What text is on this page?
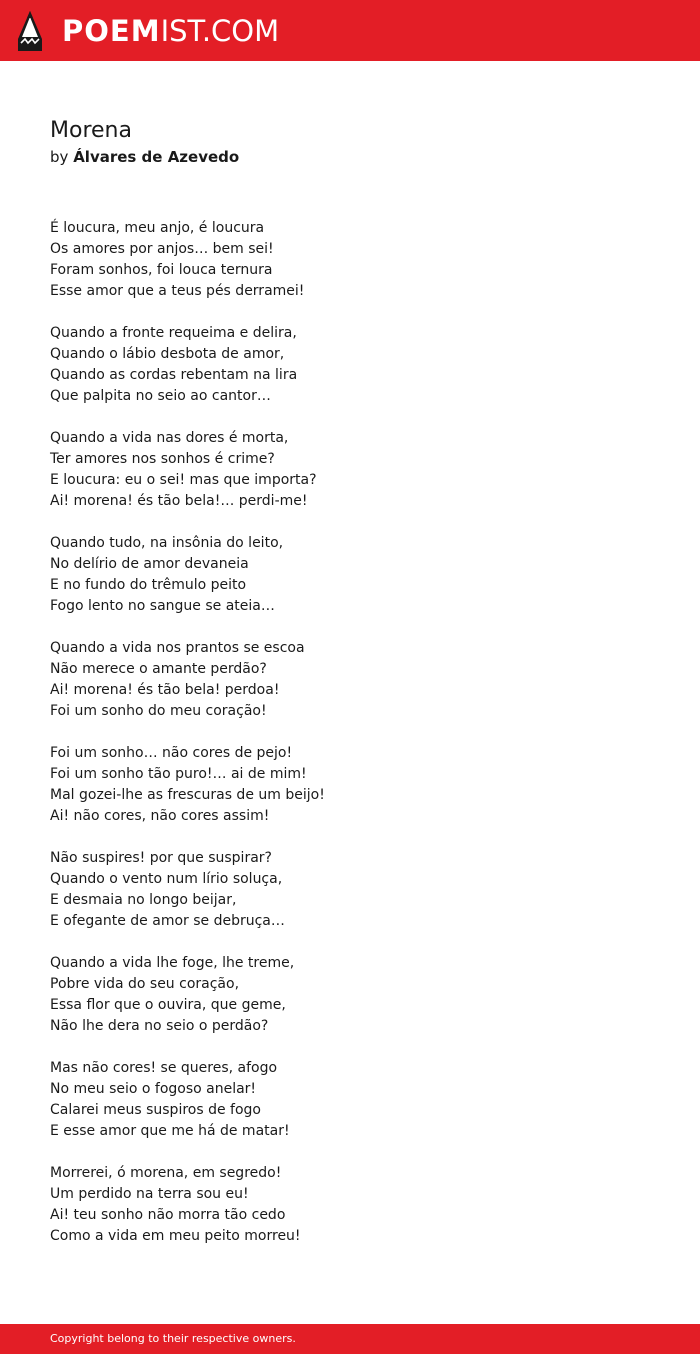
POEMIST.COM
Morena

by Álvares de Azevedo

É loucura, meu anjo, é loucura
Os amores por anjos… bem sei!
Foram sonhos, foi louca ternura
Esse amor que a teus pés derramei!
Quando a fronte requeima e delira,
Quando o lábio desbota de amor,
Quando as cordas rebentam na lira
Que palpita no seio ao cantor…
Quando a vida nas dores é morta,
Ter amores nos sonhos é crime?
E loucura: eu o sei! mas que importa?
Ai! morena! és tão bela!… perdi-me!
Quando tudo, na insônia do leito,
No delírio de amor devaneia
E no fundo do trêmulo peito
Fogo lento no sangue se ateia…
Quando a vida nos prantos se escoa
Não merece o amante perdão?
Ai! morena! és tão bela! perdoa!
Foi um sonho do meu coração!
Foi um sonho… não cores de pejo!
Foi um sonho tão puro!… ai de mim!
Mal gozei-lhe as frescuras de um beijo!
Ai! não cores, não cores assim!
Não suspires! por que suspirar?
Quando o vento num lírio soluça,
E desmaia no longo beijar,
E ofegante de amor se debruça…
Quando a vida lhe foge, lhe treme,
Pobre vida do seu coração,
Essa flor que o ouvira, que geme,
Não lhe dera no seio o perdão?
Mas não cores! se queres, afogo
No meu seio o fogoso anelar!
Calarei meus suspiros de fogo
E esse amor que me há de matar!
Morrerei, ó morena, em segredo!
Um perdido na terra sou eu!
Ai! teu sonho não morra tão cedo
Como a vida em meu peito morreu!
Copyright belong to their respective owners.
